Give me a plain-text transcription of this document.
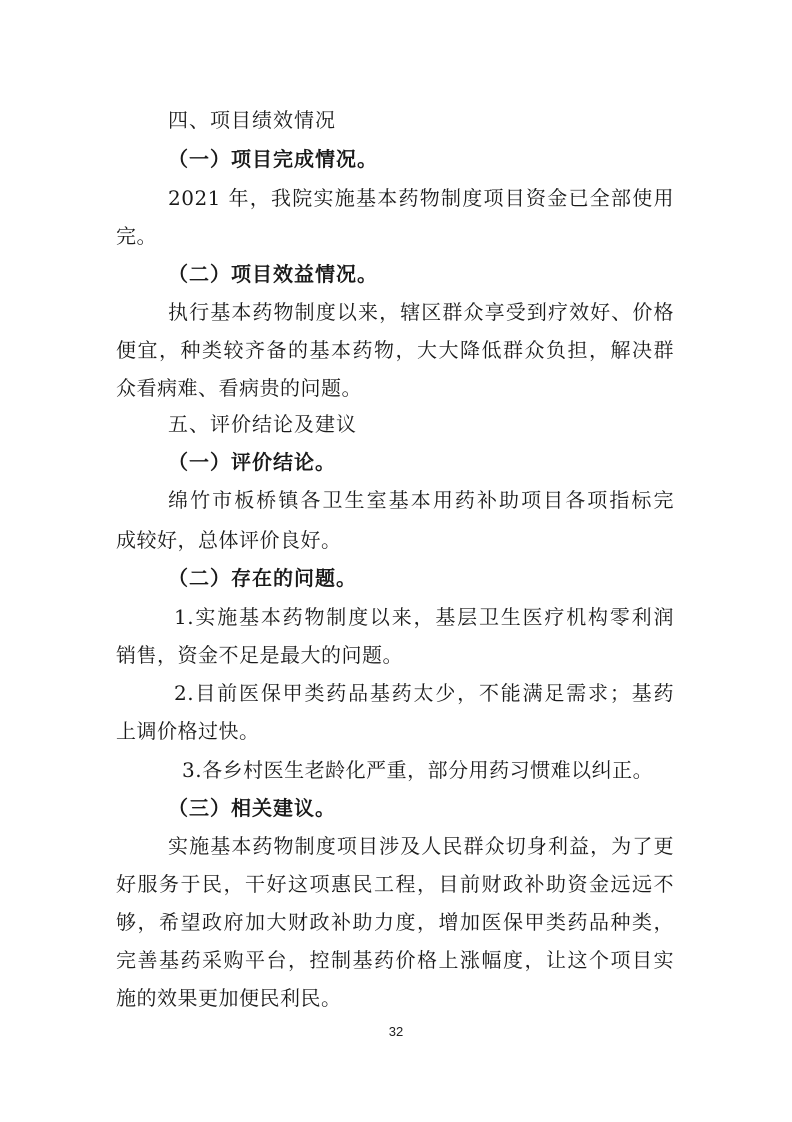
四、项目绩效情况
（一）项目完成情况。
2021 年，我院实施基本药物制度项目资金已全部使用
完。
（二）项目效益情况。
执行基本药物制度以来，辖区群众享受到疗效好、价格
便宜，种类较齐备的基本药物，大大降低群众负担，解决群
众看病难、看病贵的问题。
五、评价结论及建议
（一）评价结论。
绵竹市板桥镇各卫生室基本用药补助项目各项指标完
成较好，总体评价良好。
（二）存在的问题。
1.实施基本药物制度以来，基层卫生医疗机构零利润
销售，资金不足是最大的问题。
2.目前医保甲类药品基药太少，不能满足需求；基药
上调价格过快。
3.各乡村医生老龄化严重，部分用药习惯难以纠正。
（三）相关建议。
实施基本药物制度项目涉及人民群众切身利益，为了更
好服务于民，干好这项惠民工程，目前财政补助资金远远不
够，希望政府加大财政补助力度，增加医保甲类药品种类，
完善基药采购平台，控制基药价格上涨幅度，让这个项目实
施的效果更加便民利民。
32
